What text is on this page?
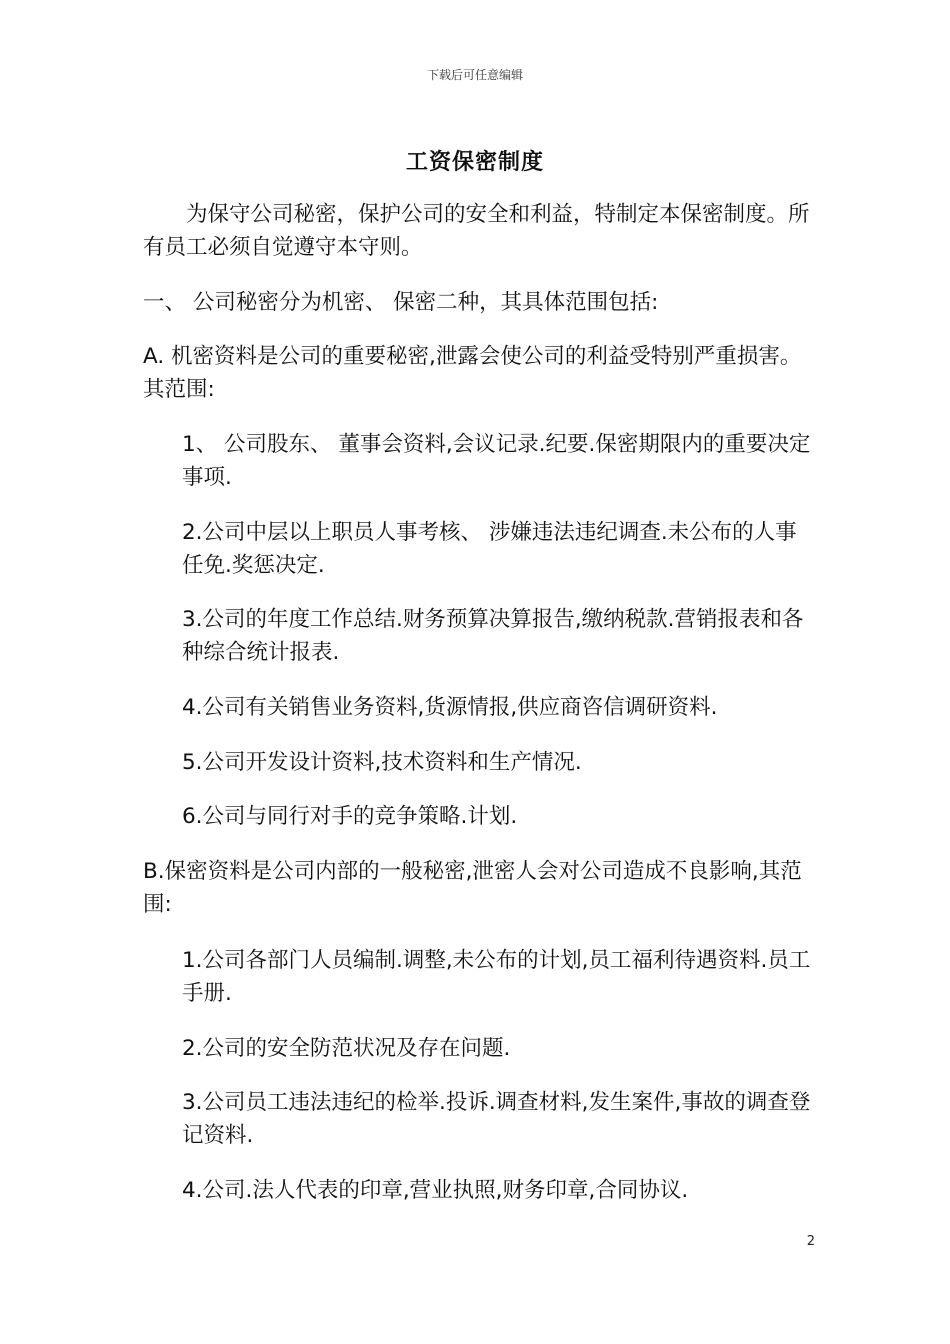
下载后可任意编辑
工资保密制度

为保守公司秘密，保护公司的安全和利益，特制定本保密制度。所有员工必须自觉遵守本守则。

一、 公司秘密分为机密、 保密二种，其具体范围包括:

A. 机密资料是公司的重要秘密,泄露会使公司的利益受特别严重损害。其范围:

1、 公司股东、 董事会资料,会议记录.纪要.保密期限内的重要决定事项.

2.公司中层以上职员人事考核、 涉嫌违法违纪调查.未公布的人事任免.奖惩决定.

3.公司的年度工作总结.财务预算决算报告,缴纳税款.营销报表和各种综合统计报表.

4.公司有关销售业务资料,货源情报,供应商咨信调研资料.

5.公司开发设计资料,技术资料和生产情况.

6.公司与同行对手的竞争策略.计划.

B.保密资料是公司内部的一般秘密,泄密人会对公司造成不良影响,其范围:

1.公司各部门人员编制.调整,未公布的计划,员工福利待遇资料.员工手册.

2.公司的安全防范状况及存在问题.

3.公司员工违法违纪的检举.投诉.调查材料,发生案件,事故的调查登记资料.

4.公司.法人代表的印章,营业执照,财务印章,合同协议.

2
